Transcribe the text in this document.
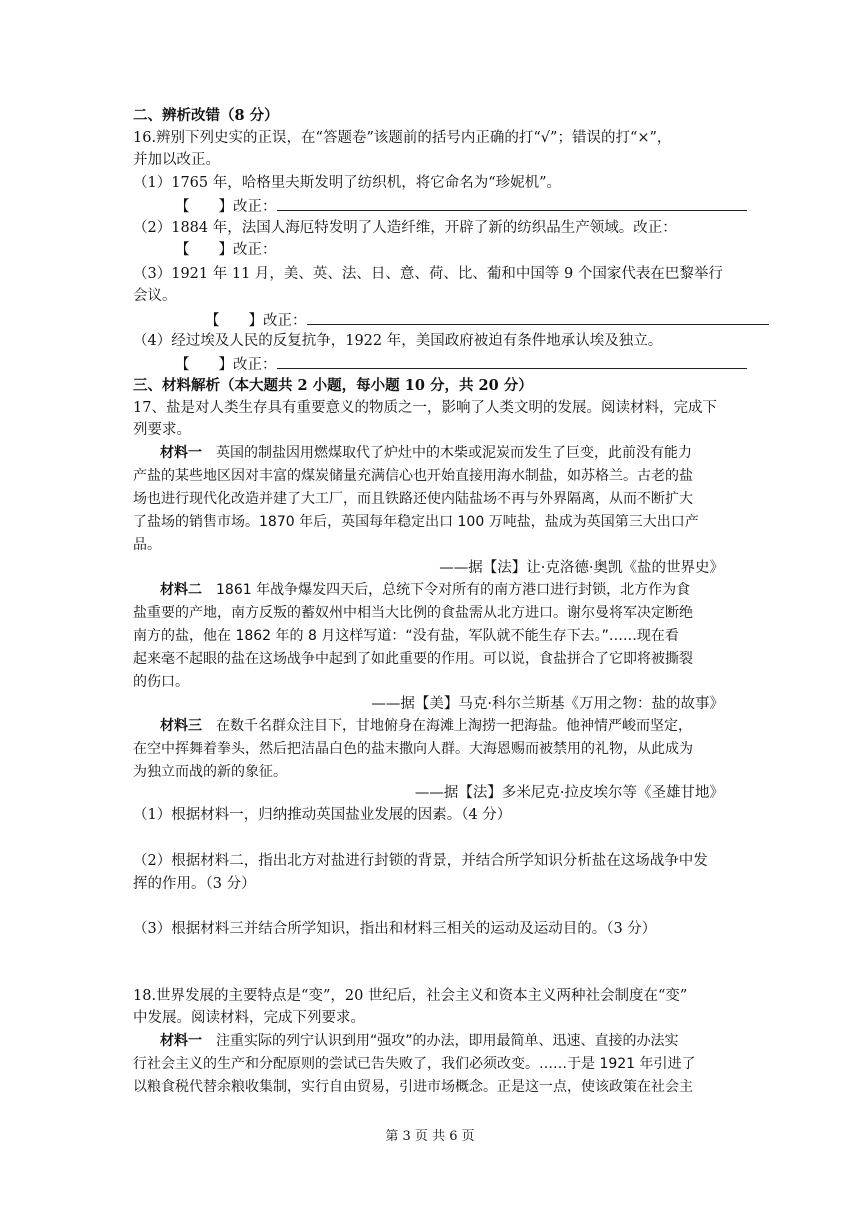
二、辨析改错（8 分）
16.辨别下列史实的正误，在“答题卷”该题前的括号内正确的打“√”；错误的打“×”，
并加以改正。
（1）1765 年，哈格里夫斯发明了纺织机，将它命名为“珍妮机”。
【　　】改正：
（2）1884 年，法国人海厄特发明了人造纤维，开辟了新的纺织品生产领域。改正：
【　　】改正：
（3）1921 年 11 月，美、英、法、日、意、荷、比、葡和中国等 9 个国家代表在巴黎举行
会议。
【　　】改正：
（4）经过埃及人民的反复抗争，1922 年，美国政府被迫有条件地承认埃及独立。
【　　】改正：
三、材料解析（本大题共 2 小题，每小题 10 分，共 20 分）
17、盐是对人类生存具有重要意义的物质之一，影响了人类文明的发展。阅读材料，完成下
列要求。
材料一　 英国的制盐因用燃煤取代了炉灶中的木柴或泥炭而发生了巨变，此前没有能力
产盐的某些地区因对丰富的煤炭储量充满信心也开始直接用海水制盐，如苏格兰。古老的盐
场也进行现代化改造并建了大工厂，而且铁路还使内陆盐场不再与外界隔离，从而不断扩大
了盐场的销售市场。1870 年后，英国每年稳定出口 100 万吨盐，盐成为英国第三大出口产
品。
——据【法】让·克洛德·奥凯《盐的世界史》
材料二　 1861 年战争爆发四天后，总统下令对所有的南方港口进行封锁，北方作为食
盐重要的产地，南方反叛的蓄奴州中相当大比例的食盐需从北方进口。谢尔曼将军决定断绝
南方的盐，他在 1862 年的 8 月这样写道：“没有盐，军队就不能生存下去。”……现在看
起来毫不起眼的盐在这场战争中起到了如此重要的作用。可以说，食盐拼合了它即将被撕裂
的伤口。
——据【美】马克·科尔兰斯基《万用之物：盐的故事》
材料三　 在数千名群众注目下，甘地俯身在海滩上淘捞一把海盐。他神情严峻而坚定，
在空中挥舞着拳头，然后把洁晶白色的盐末撒向人群。大海恩赐而被禁用的礼物，从此成为
为独立而战的新的象征。
——据【法】多米尼克·拉皮埃尔等《圣雄甘地》
（1）根据材料一，归纳推动英国盐业发展的因素。（4 分）
（2）根据材料二，指出北方对盐进行封锁的背景，并结合所学知识分析盐在这场战争中发
挥的作用。（3 分）
（3）根据材料三并结合所学知识，指出和材料三相关的运动及运动目的。（3 分）
18.世界发展的主要特点是“变”，20 世纪后，社会主义和资本主义两种社会制度在“变”
中发展。阅读材料，完成下列要求。
材料一　 注重实际的列宁认识到用“强攻”的办法，即用最简单、迅速、直接的办法实
行社会主义的生产和分配原则的尝试已告失败了，我们必须改变。……于是 1921 年引进了
以粮食税代替余粮收集制，实行自由贸易，引进市场概念。正是这一点，使该政策在社会主
第 3 页 共 6 页
